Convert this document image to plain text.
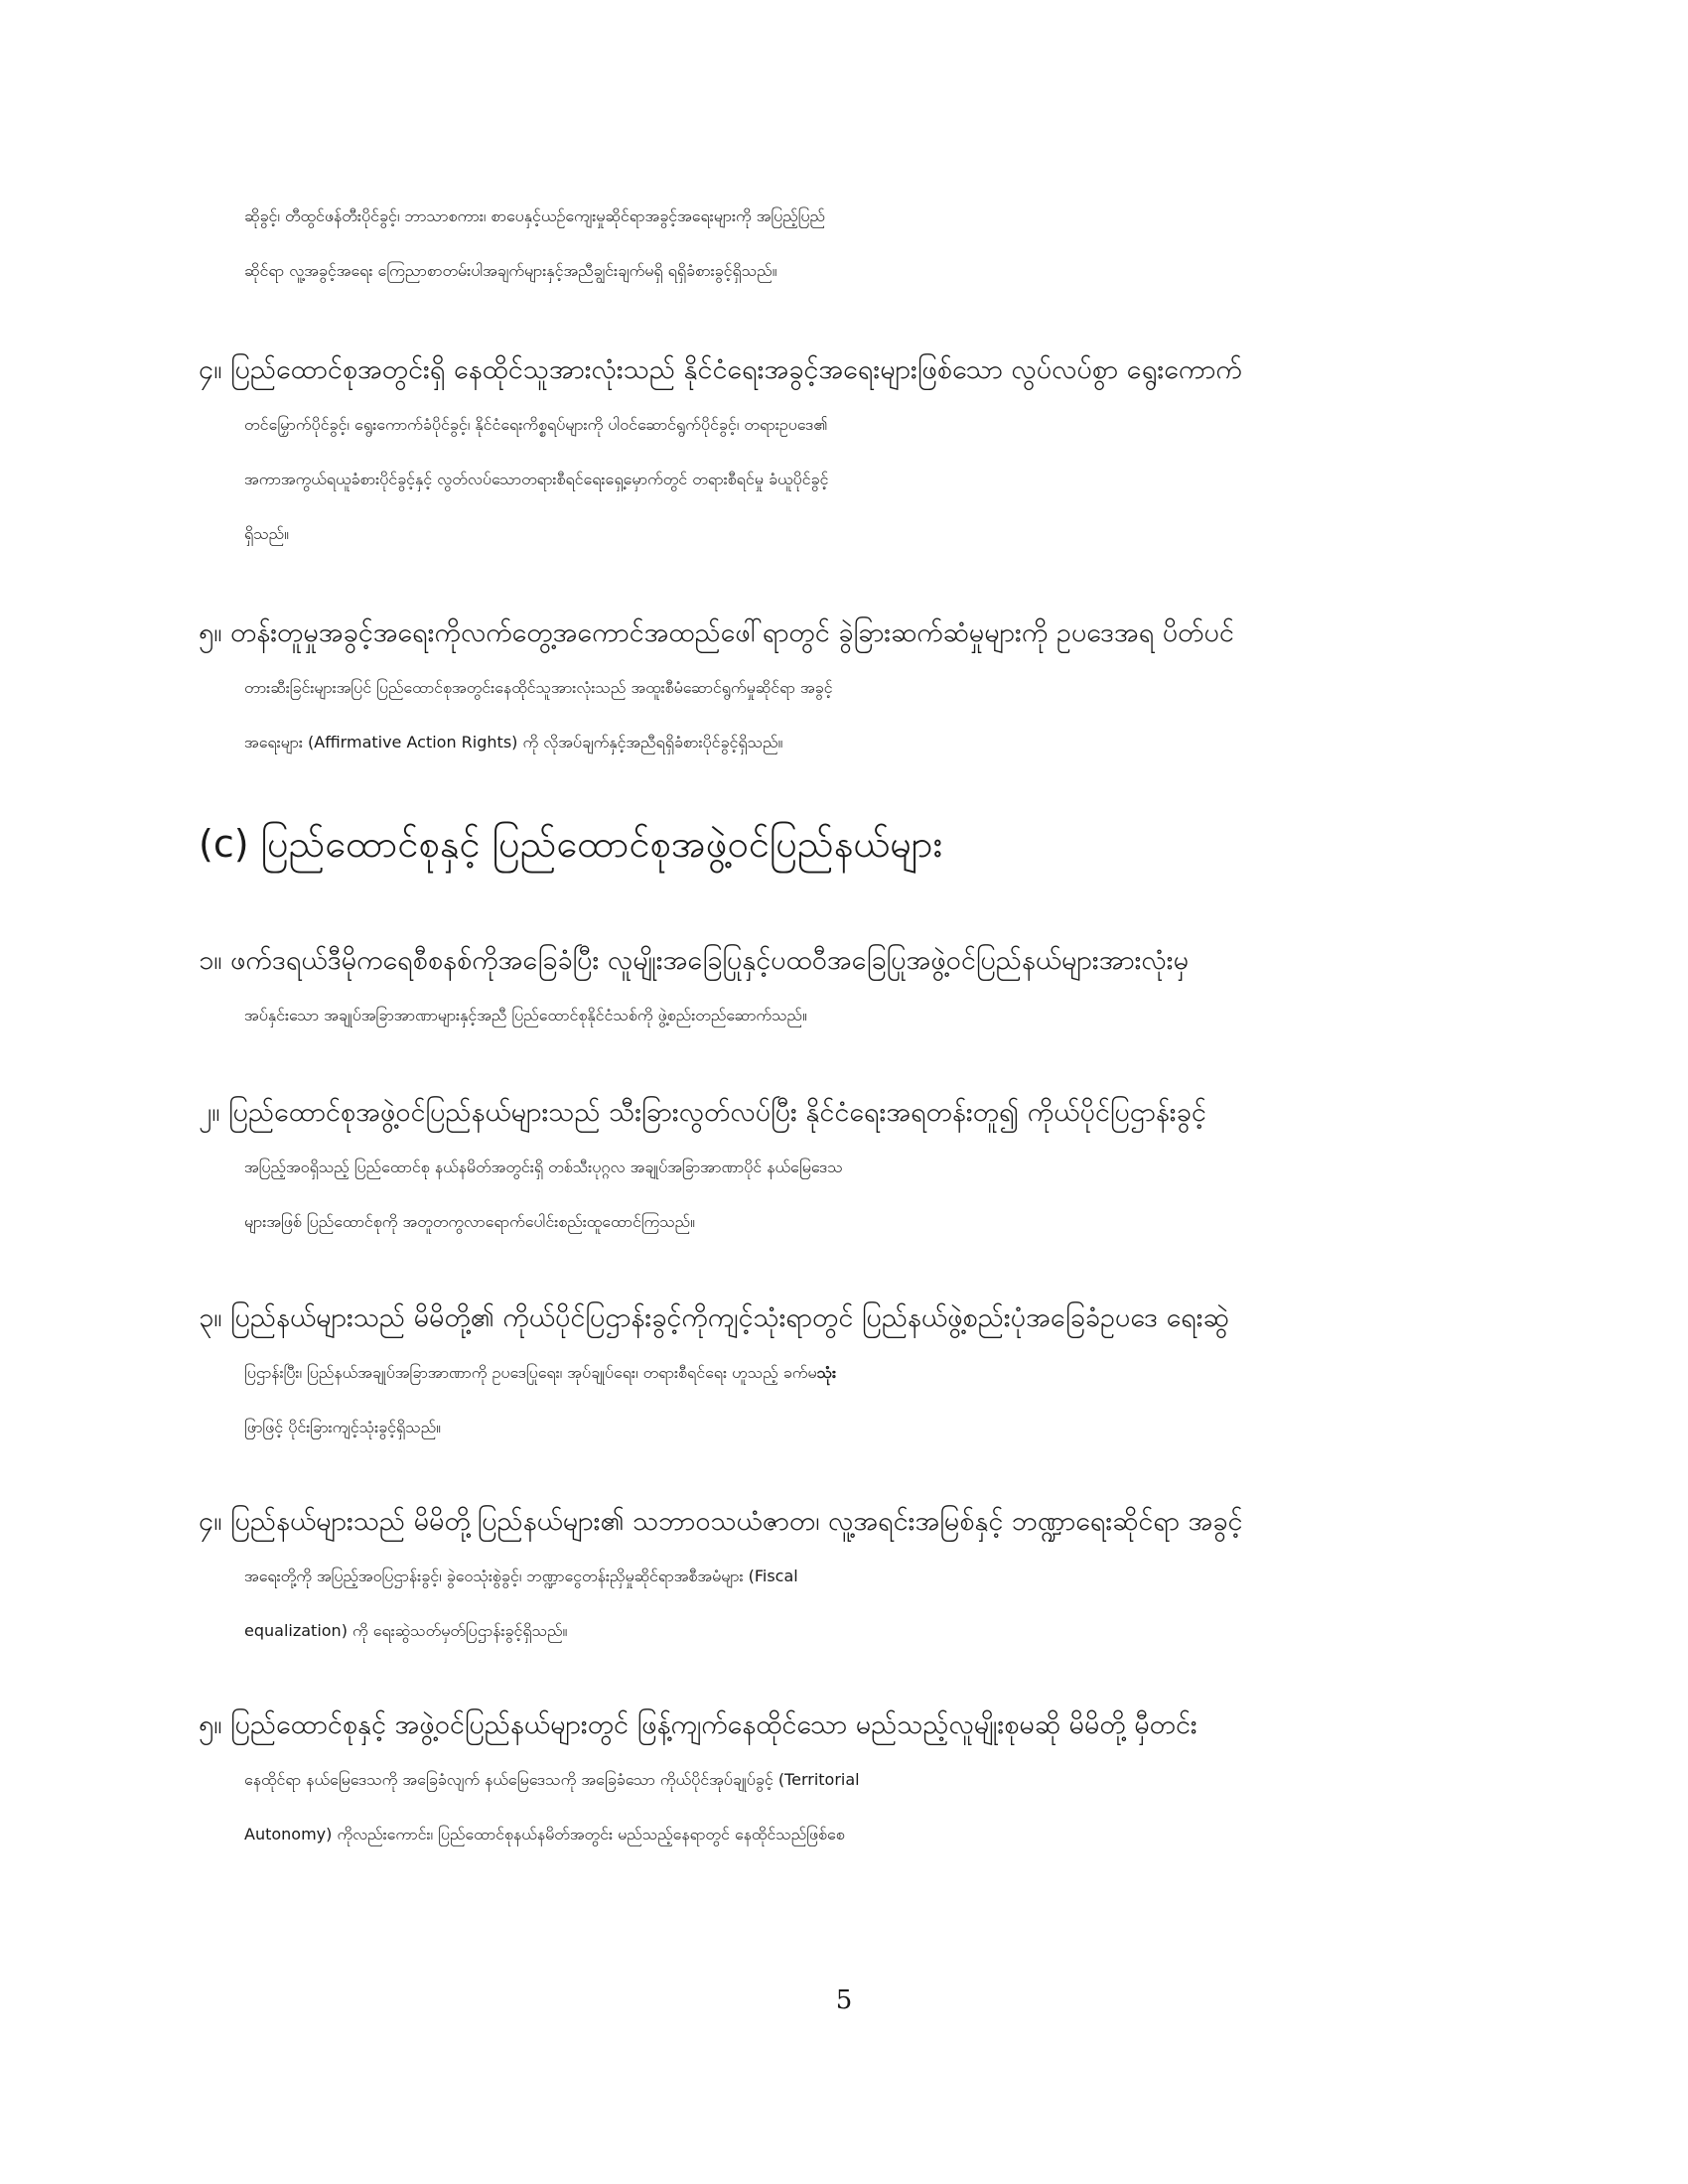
ဆိုခွင့်၊ တီထွင်ဖန်တီးပိုင်ခွင့်၊ ဘာသာစကား၊ စာပေနှင့်ယဉ်ကျေးမှုဆိုင်ရာအခွင့်အရေးများကို အပြည့်ပြည်
ဆိုင်ရာ လူ့အခွင့်အရေး ကြေညာစာတမ်းပါအချက်များနှင့်အညီချွင်းချက်မရှိ ရရှိခံစားခွင့်ရှိသည်။
၄။ ပြည်ထောင်စုအတွင်းရှိ နေထိုင်သူအားလုံးသည် နိုင်ငံရေးအခွင့်အရေးများဖြစ်သော လွပ်လပ်စွာ ရွေးကောက်
တင်မြှောက်ပိုင်ခွင့်၊ ရွေးကောက်ခံပိုင်ခွင့်၊ နိုင်ငံရေးကိစ္စရပ်များကို ပါဝင်ဆောင်ရွက်ပိုင်ခွင့်၊ တရားဥပဒေ၏
အကာအကွယ်ရယူခံစားပိုင်ခွင့်နှင့် လွတ်လပ်သောတရားစီရင်ရေးရှေ့မှောက်တွင် တရားစီရင်မှု ခံယူပိုင်ခွင့်
ရှိသည်။
၅။ တန်းတူမှုအခွင့်အရေးကိုလက်တွေ့အကောင်အထည်ဖေါ်ရာတွင် ခွဲခြားဆက်ဆံမှုများကို ဥပဒေအရ ပိတ်ပင်
တားဆီးခြင်းများအပြင် ပြည်ထောင်စုအတွင်းနေထိုင်သူအားလုံးသည် အထူးစီမံဆောင်ရွက်မှုဆိုင်ရာ အခွင့်
အရေးများ (Affirmative Action Rights) ကို လိုအပ်ချက်နှင့်အညီရရှိခံစားပိုင်ခွင့်ရှိသည်။
(c) ပြည်ထောင်စုနှင့် ပြည်ထောင်စုအဖွဲ့ဝင်ပြည်နယ်များ
၁။ ဖက်ဒရယ်ဒီမိုကရေစီစနစ်ကိုအခြေခံပြီး လူမျိုးအခြေပြုနှင့်ပထဝီအခြေပြုအဖွဲ့ဝင်ပြည်နယ်များအားလုံးမှ
အပ်နှင်းသော အချုပ်အခြာအာဏာများနှင့်အညီ ပြည်ထောင်စုနိုင်ငံသစ်ကို ဖွဲ့စည်းတည်ဆောက်သည်။
၂။ ပြည်ထောင်စုအဖွဲ့ဝင်ပြည်နယ်များသည် သီးခြားလွတ်လပ်ပြီး နိုင်ငံရေးအရတန်းတူ၍ ကိုယ်ပိုင်ပြဌာန်းခွင့်
အပြည့်အဝရှိသည့် ပြည်ထောင်စု နယ်နမိတ်အတွင်းရှိ တစ်သီးပုဂ္ဂလ အချုပ်အခြာအာဏာပိုင် နယ်မြေဒေသ
များအဖြစ် ပြည်ထောင်စုကို အတူတကွလာရောက်ပေါင်းစည်းထူထောင်ကြသည်။
၃။ ပြည်နယ်များသည် မိမိတို့၏ ကိုယ်ပိုင်ပြဌာန်းခွင့်ကိုကျင့်သုံးရာတွင် ပြည်နယ်ဖွဲ့စည်းပုံအခြေခံဥပဒေ ရေးဆွဲ
ပြဌာန်းပြီး၊ ပြည်နယ်အချုပ်အခြာအာဏာကို ဥပဒေပြုရေး၊ အုပ်ချုပ်ရေး၊ တရားစီရင်ရေး ဟူသည့် ခက်မသုံး
ဖြာဖြင့် ပိုင်းခြားကျင့်သုံးခွင့်ရှိသည်။
၄။ ပြည်နယ်များသည် မိမိတို့ပြည်နယ်များ၏ သဘာဝသယံဇာတ၊ လူ့အရင်းအမြစ်နှင့် ဘဏ္ဍာရေးဆိုင်ရာ အခွင့်
အရေးတို့ကို အပြည့်အဝပြဌာန်းခွင့်၊ ခွဲဝေသုံးစွဲခွင့်၊ ဘဏ္ဍာငွေတန်းညှိမှုဆိုင်ရာအစီအမံများ (Fiscal
equalization) ကို ရေးဆွဲသတ်မှတ်ပြဌာန်းခွင့်ရှိသည်။
၅။ ပြည်ထောင်စုနှင့် အဖွဲ့ဝင်ပြည်နယ်များတွင် ဖြန့်ကျက်နေထိုင်သော မည်သည့်လူမျိုးစုမဆို မိမိတို့ မှီတင်း
နေထိုင်ရာ နယ်မြေဒေသကို အခြေခံလျက် နယ်မြေဒေသကို အခြေခံသော ကိုယ်ပိုင်အုပ်ချုပ်ခွင့် (Territorial
Autonomy) ကိုလည်းကောင်း၊ ပြည်ထောင်စုနယ်နမိတ်အတွင်း မည်သည့်နေရာတွင် နေထိုင်သည်ဖြစ်စေ
5
